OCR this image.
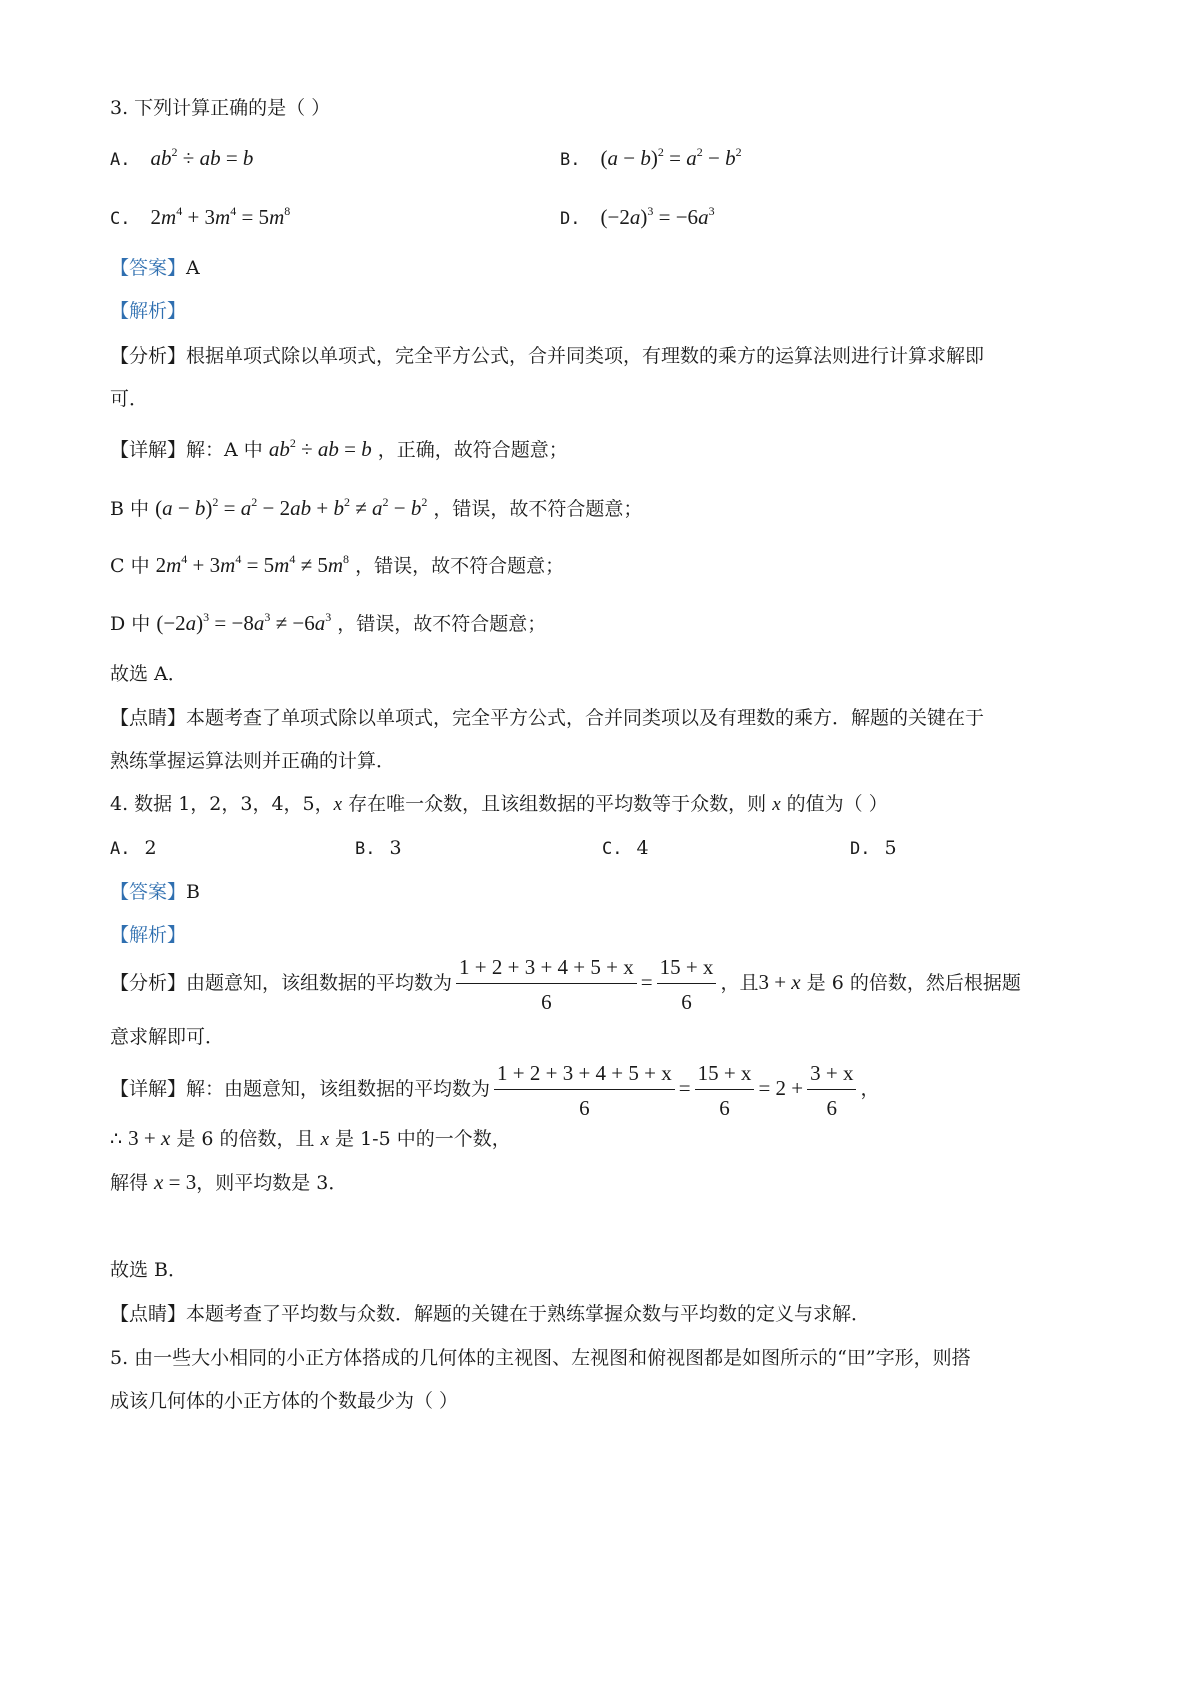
3. 下列计算正确的是（ ）
A. $ab^2$ ÷ ab = b	B. $(a - b)^2 = a^2 - b^2$
C. $2m^4 + 3m^4 = 5m^8$	D. $(-2a)^3 = -6a^3$
【答案】A
【解析】
【分析】根据单项式除以单项式，完全平方公式，合并同类项，有理数的乘方的运算法则进行计算求解即
可．
【详解】解：A 中 $ab^2$ ÷ ab = b ，正确，故符合题意；
B 中 $(a - b)^2 = a^2 - 2ab + b^2 \ne a^2 - b^2$ ，错误，故不符合题意；
C 中 $2m^4 + 3m^4 = 5m^4 \ne 5m^8$ ，错误，故不符合题意；
D 中 $(-2a)^3 = -8a^3 \ne -6a^3$ ，错误，故不符合题意；
故选 A．
【点睛】本题考查了单项式除以单项式，完全平方公式，合并同类项以及有理数的乘方．解题的关键在于
熟练掌握运算法则并正确的计算．
4. 数据 1，2，3，4，5，x 存在唯一众数，且该组数据的平均数等于众数，则 x 的值为（ ）
A. 2	B. 3	C. 4	D. 5
【答案】B
【解析】
【分析】由题意知，该组数据的平均数为 $\frac{1 + 2 + 3 + 4 + 5 + x}{6} = \frac{15 + x}{6}$ ，且3 + x 是 6 的倍数，然后根据题
意求解即可．
【详解】解：由题意知，该组数据的平均数为 $\frac{1 + 2 + 3 + 4 + 5 + x}{6} = \frac{15 + x}{6} = 2 + \frac{3 + x}{6}$ ，
∴ 3 + x 是 6 的倍数，且 x 是 1-5 中的一个数，
解得 x = 3，则平均数是 3．
故选 B．
【点睛】本题考查了平均数与众数．解题的关键在于熟练掌握众数与平均数的定义与求解．
5. 由一些大小相同的小正方体搭成的几何体的主视图、左视图和俯视图都是如图所示的“田”字形，则搭
成该几何体的小正方体的个数最少为（ ）
